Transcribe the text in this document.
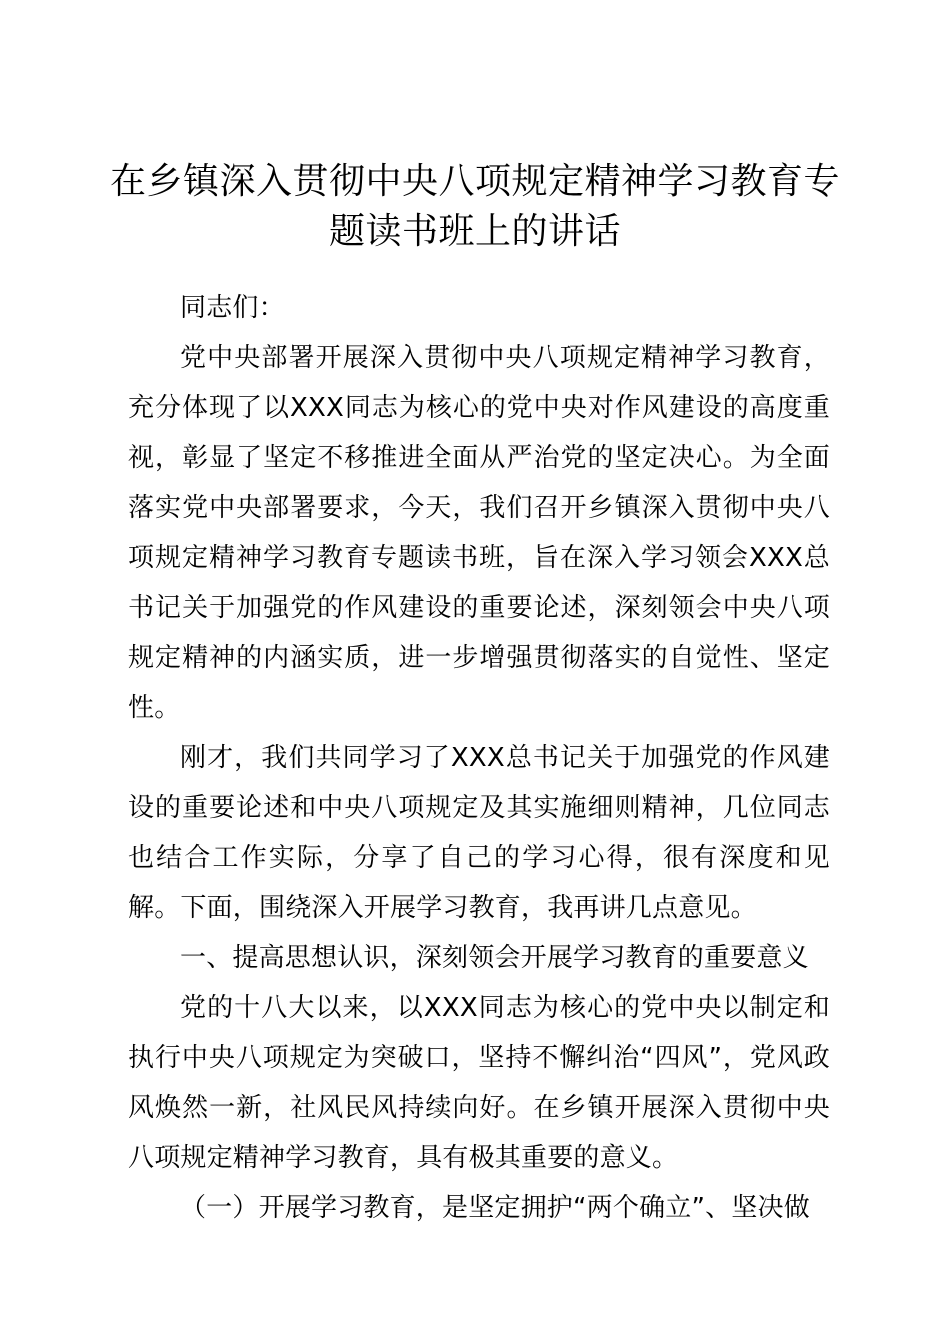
在乡镇深入贯彻中央八项规定精神学习教育专
题读书班上的讲话

同志们：

党中央部署开展深入贯彻中央八项规定精神学习教育，充分体现了以XXX同志为核心的党中央对作风建设的高度重视，彰显了坚定不移推进全面从严治党的坚定决心。为全面落实党中央部署要求，今天，我们召开乡镇深入贯彻中央八项规定精神学习教育专题读书班，旨在深入学习领会XXX总书记关于加强党的作风建设的重要论述，深刻领会中央八项规定精神的内涵实质，进一步增强贯彻落实的自觉性、坚定性。

刚才，我们共同学习了XXX总书记关于加强党的作风建设的重要论述和中央八项规定及其实施细则精神，几位同志也结合工作实际，分享了自己的学习心得，很有深度和见解。下面，围绕深入开展学习教育，我再讲几点意见。

一、提高思想认识，深刻领会开展学习教育的重要意义

党的十八大以来，以XXX同志为核心的党中央以制定和执行中央八项规定为突破口，坚持不懈纠治“四风”，党风政风焕然一新，社风民风持续向好。在乡镇开展深入贯彻中央八项规定精神学习教育，具有极其重要的意义。

（一）开展学习教育，是坚定拥护“两个确立”、坚决做
